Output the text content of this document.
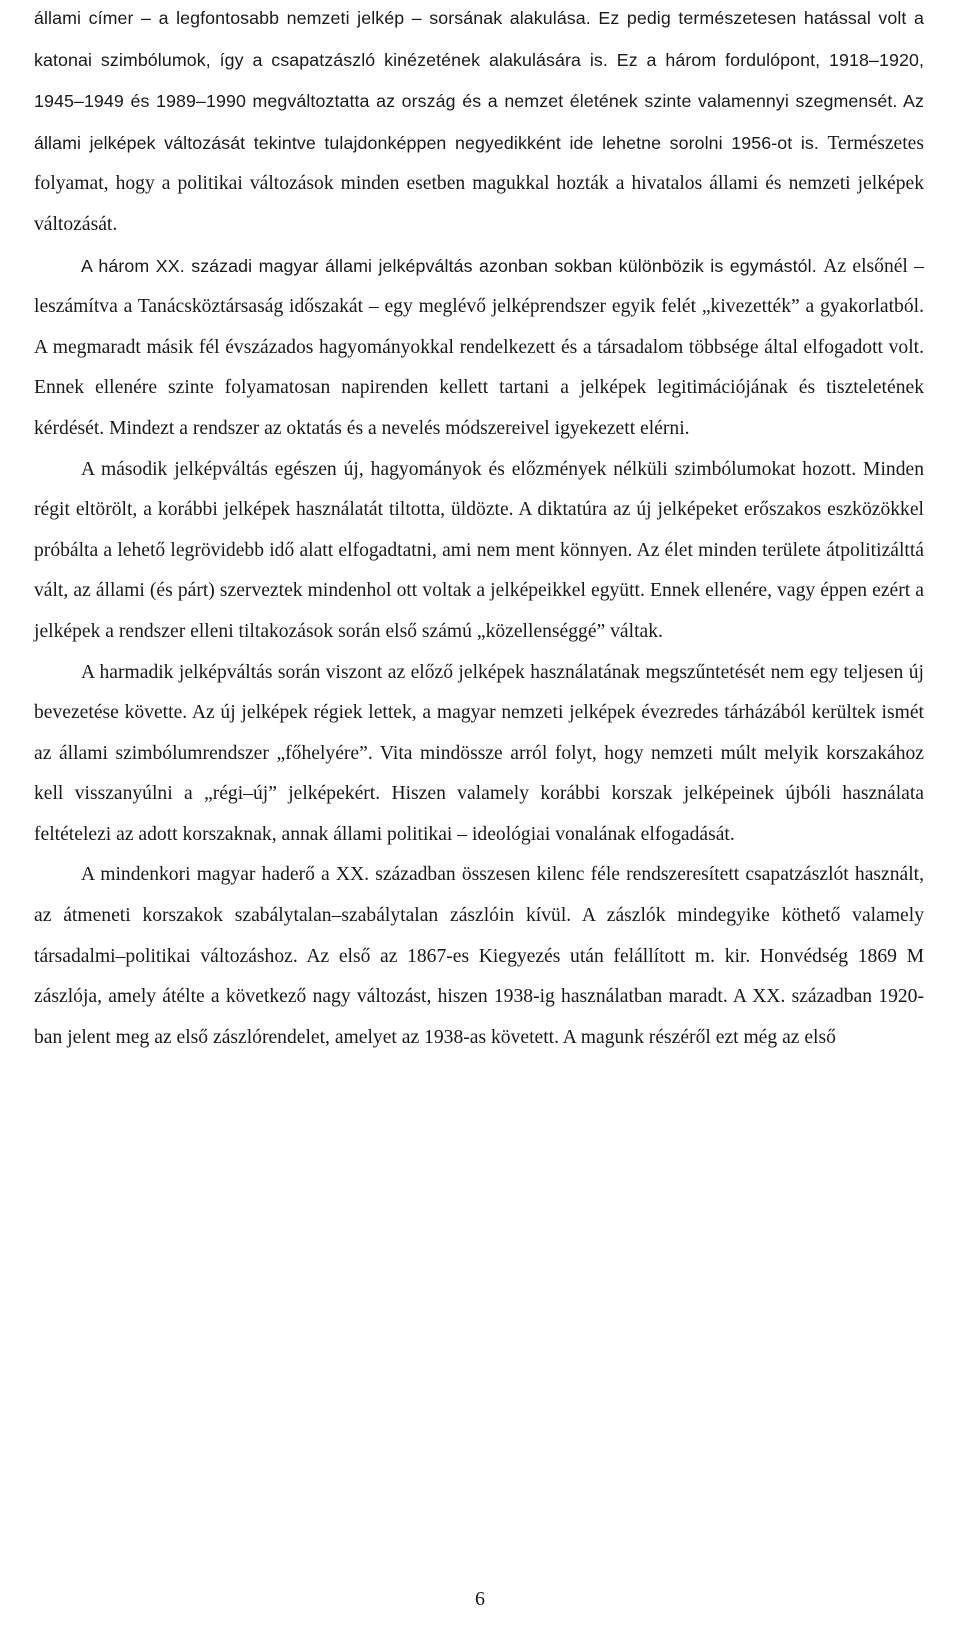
állami címer – a legfontosabb nemzeti jelkép – sorsának alakulása. Ez pedig természetesen hatással volt a katonai szimbólumok, így a csapatzászló kinézetének alakulására is. Ez a három fordulópont, 1918–1920, 1945–1949 és 1989–1990 megváltoztatta az ország és a nemzet életének szinte valamennyi szegmensét. Az állami jelképek változását tekintve tulajdonképpen negyedikként ide lehetne sorolni 1956-ot is. Természetes folyamat, hogy a politikai változások minden esetben magukkal hozták a hivatalos állami és nemzeti jelképek változását.

A három XX. századi magyar állami jelképváltás azonban sokban különbözik is egymástól. Az elsőnél – leszámítva a Tanácsköztársaság időszakát – egy meglévő jelképrendszer egyik felét „kivezették” a gyakorlatból. A megmaradt másik fél évszázados hagyományokkal rendelkezett és a társadalom többsége által elfogadott volt. Ennek ellenére szinte folyamatosan napirenden kellett tartani a jelképek legitimációjának és tiszteletének kérdését. Mindezt a rendszer az oktatás és a nevelés módszereivel igyekezett elérni.

A második jelképváltás egészen új, hagyományok és előzmények nélküli szimbólumokat hozott. Minden régit eltörölt, a korábbi jelképek használatát tiltotta, üldözte. A diktatúra az új jelképeket erőszakos eszközökkel próbálta a lehető legrövidebb idő alatt elfogadtatni, ami nem ment könnyen. Az élet minden területe átpolitizálttá vált, az állami (és párt) szerveztek mindenhol ott voltak a jelképeikkel együtt. Ennek ellenére, vagy éppen ezért a jelképek a rendszer elleni tiltakozások során első számú „közellenséggé” váltak.

A harmadik jelképváltás során viszont az előző jelképek használatának megszűntetését nem egy teljesen új bevezetése követte. Az új jelképek régiek lettek, a magyar nemzeti jelképek évezredes tárházából kerültek ismét az állami szimbólumrendszer „főhelyére”. Vita mindössze arról folyt, hogy nemzeti múlt melyik korszakához kell visszanyúlni a „régi–új” jelképekért. Hiszen valamely korábbi korszak jelképeinek újbóli használata feltételezi az adott korszaknak, annak állami politikai – ideológiai vonalának elfogadását.

A mindenkori magyar haderő a XX. században összesen kilenc féle rendszeresített csapatzászlót használt, az átmeneti korszakok szabálytalan–szabálytalan zászlóin kívül. A zászlók mindegyike köthető valamely társadalmi–politikai változáshoz. Az első az 1867-es Kiegyezés után felállított m. kir. Honvédség 1869 M zászlója, amely átélte a következő nagy változást, hiszen 1938-ig használatban maradt. A XX. században 1920-ban jelent meg az első zászlórendelet, amelyet az 1938-as követett. A magunk részéről ezt még az első

6
